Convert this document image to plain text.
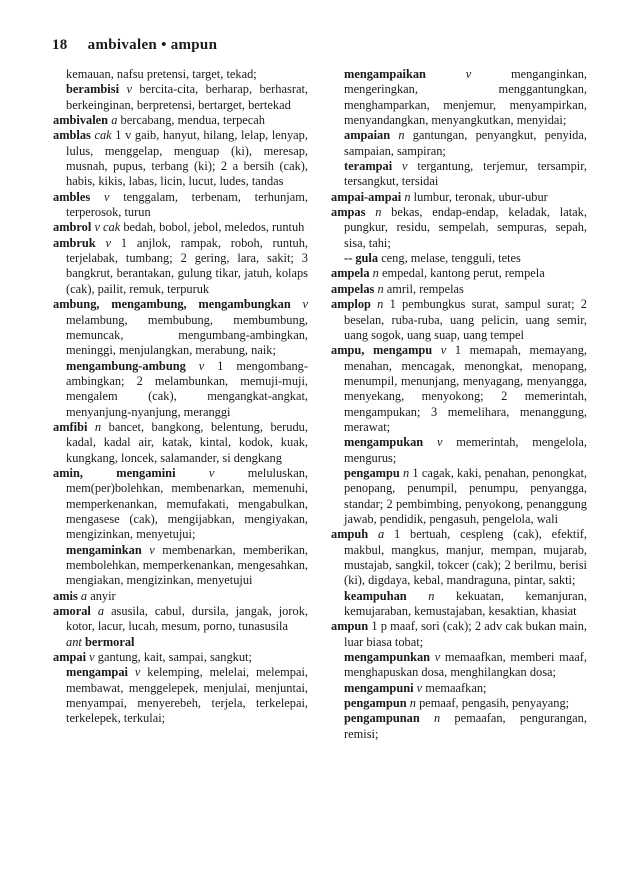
18 ambivalen • ampun
kemauan, nafsu pretensi, target, tekad;
berambisi v bercita-cita, berharap, berhasrat, berkeinginan, berpretensi, bertarget, bertekad
ambivalen a bercabang, mendua, terpecah
amblas cak 1 v gaib, hanyut, hilang, lelap, lenyap, lulus, menggelap, menguap (ki), meresap, musnah, pupus, terbang (ki); 2 a bersih (cak), habis, kikis, labas, licin, lucut, ludes, tandas
ambles v tenggalam, terbenam, terhunjam, terperosok, turun
ambrol v cak bedah, bobol, jebol, meledos, runtuh
ambruk v 1 anjlok, rampak, roboh, runtuh, terjelabak, tumbang; 2 gering, lara, sakit; 3 bangkrut, berantakan, gulung tikar, jatuh, kolaps (cak), pailit, remuk, terpuruk
ambung, mengambung, mengambungkan v melambung, membubung, membumbung, memuncak, mengumbang-ambingkan, meninggi, menjulangkan, merabung, naik;
mengambung-ambung v 1 mengombang-ambingkan; 2 melambunkan, memuji-muji, mengalem (cak), mengangkat-angkat, menyanjung-nyanjung, meranggi
amfibi n bancet, bangkong, belentung, berudu, kadal, kadal air, katak, kintal, kodok, kuak, kungkang, loncek, salamander, si dengkang
amin, mengamini	v	meluluskan, mem(per)bolehkan, membenarkan, memenuhi, memperkenankan, memufakati, mengabulkan, mengasese (cak), mengijabkan, mengiyakan, mengizinkan, menyetujui;
mengaminkan v membenarkan, memberikan, membolehkan, memperkenankan, mengesahkan, mengiakan, mengizinkan, menyetujui
amis a anyir
amoral a asusila, cabul, dursila, jangak, jorok, kotor, lacur, lucah, mesum, porno, tunasusila
ant bermoral
ampai v gantung, kait, sampai, sangkut;
mengampai v kelemping, melelai, melempai, membawat, menggelepek, menjulai, menjuntai, menyampai, menyerebeh, terjela, terkelepai, terkelepek, terkulai;
mengampaikan	v	menganginkan, mengeringkan, menggantungkan, menghamparkan, menjemur, menyampirkan, menyandangkan, menyangkutkan, menyidai;
ampaian n gantungan, penyangkut, penyida, sampaian, sampiran;
terampai v tergantung, terjemur, tersampir, tersangkut, tersidai
ampai-ampai n lumbur, teronak, ubur-ubur
ampas n bekas, endap-endap, keladak, latak, pungkur, residu, sempelah, sempuras, sepah, sisa, tahi;
-- gula ceng, melase, tengguli, tetes
ampela n empedal, kantong perut, rempela
ampelas n amril, rempelas
amplop n 1 pembungkus surat, sampul surat; 2 beselan, ruba-ruba, uang pelicin, uang semir, uang sogok, uang suap, uang tempel
ampu, mengampu v 1 memapah, memayang, menahan, mencagak, menongkat, menopang, menumpil, menunjang, menyagang, menyangga, menyekang, menyokong; 2 memerintah, mengampukan; 3 memelihara, menanggung, merawat;
mengampukan v memerintah, mengelola, mengurus;
pengampu n 1 cagak, kaki, penahan, penongkat, penopang, penumpil, penumpu, penyangga, standar; 2 pembimbing, penyokong, penanggung jawab, pendidik, pengasuh, pengelola, wali
ampuh a 1 bertuah, cespleng (cak), efektif, makbul, mangkus, manjur, mempan, mujarab, mustajab, sangkil, tokcer (cak); 2 berilmu, berisi (ki), digdaya, kebal, mandraguna, pintar, sakti;
keampuhan n kekuatan, kemanjuran, kemujaraban, kemustajaban, kesaktian, khasiat
ampun 1 p maaf, sori (cak); 2 adv cak bukan main, luar biasa tobat;
mengampunkan v memaafkan, memberi maaf, menghapuskan dosa, menghilangkan dosa;
mengampuni v memaafkan;
pengampun n pemaaf, pengasih, penyayang;
pengampunan n pemaafan, pengurangan, remisi;
